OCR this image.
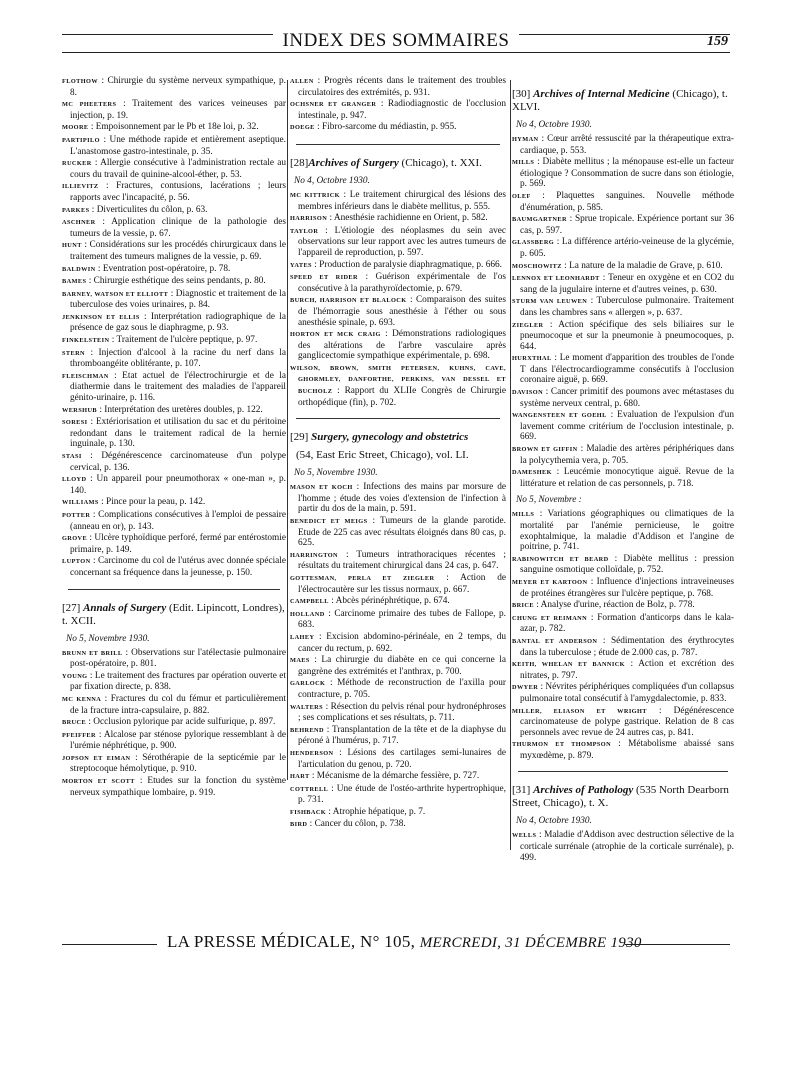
INDEX DES SOMMAIRES	159

FLOTHOW : Chirurgie du système nerveux sympathique, p. 8.

MC PHEETERS : Traitement des varices veineuses par injection, p. 19.

MOORE : Empoisonnement par le Pb et 18e loi, p. 32.

PARTIPILO : Une méthode rapide et entièrement aseptique. L'anastomose gastro-intestinale, p. 35.

RUCKER : Allergie consécutive à l'administration rectale au cours du travail de quinine-alcool-éther, p. 53.

ILLIEVITZ : Fractures, contusions, lacérations ; leurs rapports avec l'incapacité, p. 56.

PARKES : Diverticulites du côlon, p. 63.

ASCHNER : Application clinique de la pathologie des tumeurs de la vessie, p. 67.

HUNT : Considérations sur les procédés chirurgicaux dans le traitement des tumeurs malignes de la vessie, p. 69.

BALDWIN : Eventration post-opératoire, p. 78.

BAMES : Chirurgie esthétique des seins pendants, p. 80.

BARNEY, WATSON ET ELLIOTT : Diagnostic et traitement de la tuberculose des voies urinaires, p. 84.

JENKINSON ET ELLIS : Interprétation radiographique de la présence de gaz sous le diaphragme, p. 93.

FINKELSTEIN : Traitement de l'ulcère peptique, p. 97.

STERN : Injection d'alcool à la racine du nerf dans la thromboangéite oblitérante, p. 107.

FLEISCHMAN : Etat actuel de l'électrochirurgie et de la diathermie dans le traitement des maladies de l'appareil génito-urinaire, p. 116.

WERSHUB : Interprétation des uretères doubles, p. 122.

SORESI : Extériorisation et utilisation du sac et du péritoine redondant dans le traitement radical de la hernie inguinale, p. 130.

STASI : Dégénérescence carcinomateuse d'un polype cervical, p. 136.

LLOYD : Un appareil pour pneumothorax « one-man », p. 140.

WILLIAMS : Pince pour la peau, p. 142.

POTTER : Complications consécutives à l'emploi de pessaire (anneau en or), p. 143.

GROVE : Ulcère typhoïdique perforé, fermé par entérostomie primaire, p. 149.

LUPTON : Carcinome du col de l'utérus avec donnée spéciale concernant sa fréquence dans la jeunesse, p. 150.

[27] Annals of Surgery (Edit. Lipincott, Londres), t. XCII.

No 5, Novembre 1930.

BRUNN ET BRILL : Observations sur l'atélectasie pulmonaire post-opératoire, p. 801.

YOUNG : Le traitement des fractures par opération ouverte et par fixation directe, p. 838.

MC KENNA : Fractures du col du fémur et particulièrement de la fracture intra-capsulaire, p. 882.

BRUCE : Occlusion pylorique par acide sulfurique, p. 897.

PFEIFFER : Alcalose par sténose pylorique ressemblant à de l'urémie néphrétique, p. 900.

JOPSON ET EIMAN : Sérothérapie de la septicémie par le streptocoque hémolytique, p. 910.

MORTON ET SCOTT : Etudes sur la fonction du système nerveux sympathique lombaire, p. 919.

ALLEN : Progrès récents dans le traitement des troubles circulatoires des extrémités, p. 931.

OCHSNER ET GRANGER : Radiodiagnostic de l'occlusion intestinale, p. 947.

DOEGE : Fibro-sarcome du médiastin, p. 955.

[28]Archives of Surgery (Chicago), t. XXI.

No 4, Octobre 1930.

MC KITTRICK : Le traitement chirurgical des lésions des membres inférieurs dans le diabète mellitus, p. 555.

HARRISON : Anesthésie rachidienne en Orient, p. 582.

TAYLOR : L'étiologie des néoplasmes du sein avec observations sur leur rapport avec les autres tumeurs de l'appareil de reproduction, p. 597.

YATES : Production de paralysie diaphragmatique, p. 666.

SPEED ET RIDER : Guérison expérimentale de l'os consécutive à la parathyroïdectomie, p. 679.

BURCH, HARRISON ET BLALOCK : Comparaison des suites de l'hémorragie sous anesthésie à l'éther ou sous anesthésie spinale, p. 693.

HORTON ET MCK CRAIG : Démonstrations radiologiques des altérations de l'arbre vasculaire après ganglicectomie sympathique expérimentale, p. 698.

WILSON, BROWN, SMITH PETERSEN, KUHNS, CAVE, GHORMLEY, DANFORTHE, PERKINS, VAN DESSEL ET BUCHOLZ : Rapport du XLIIe Congrès de Chirurgie orthopédique (fin), p. 702.

[29] Surgery, gynecology and obstetrics

(54, East Eric Street, Chicago), vol. LI.

No 5, Novembre 1930.

MASON ET KOCH : Infections des mains par morsure de l'homme ; étude des voies d'extension de l'infection à partir du dos de la main, p. 591.

BENEDICT ET MEIGS : Tumeurs de la glande parotide. Etude de 225 cas avec résultats éloignés dans 80 cas, p. 625.

HARRINGTON : Tumeurs intrathoraciques récentes ; résultats du traitement chirurgical dans 24 cas, p. 647.

GOTTESMAN, PERLA ET ZIEGLER : Action de l'électrocautère sur les tissus normaux, p. 667.

CAMPBELL : Abcès périnéphrétique, p. 674.

HOLLAND : Carcinome primaire des tubes de Fallope, p. 683.

LAHEY : Excision abdomino-périnéale, en 2 temps, du cancer du rectum, p. 692.

MAES : La chirurgie du diabète en ce qui concerne la gangrène des extrémités et l'anthrax, p. 700.

GARLOCK : Méthode de reconstruction de l'axilla pour contracture, p. 705.

WALTERS : Résection du pelvis rénal pour hydronéphroses ; ses complications et ses résultats, p. 711.

BEHREND : Transplantation de la tête et de la diaphyse du péroné à l'humérus, p. 717.

HENDERSON : Lésions des cartilages semi-lunaires de l'articulation du genou, p. 720.

HART : Mécanisme de la démarche fessière, p. 727.

COTTRELL : Une étude de l'ostéo-arthrite hypertrophique, p. 731.

FISHBACK : Atrophie hépatique, p. 7.

BIRD : Cancer du côlon, p. 738.

[30] Archives of Internal Medicine (Chicago), t. XLVI.

No 4, Octobre 1930.

HYMAN : Cœur arrêté ressuscité par la thérapeutique extra-cardiaque, p. 553.

MILLS : Diabète mellitus ; la ménopause est-elle un facteur étiologique ? Consommation de sucre dans son étiologie, p. 569.

OLEF : Plaquettes sanguines. Nouvelle méthode d'énumération, p. 585.

BAUMGARTNER : Sprue tropicale. Expérience portant sur 36 cas, p. 597.

GLASSBERG : La différence artério-veineuse de la glycémie, p. 605.

MOSCHOWITZ : La nature de la maladie de Grave, p. 610.

LENNOX ET LEONHARDT : Teneur en oxygène et en CO2 du sang de la jugulaire interne et d'autres veines, p. 630.

STURM VAN LEUWEN : Tuberculose pulmonaire. Traitement dans les chambres sans « allergen », p. 637.

ZIEGLER : Action spécifique des sels biliaires sur le pneumocoque et sur la pneumonie à pneumocoques, p. 644.

HURXTHAL : Le moment d'apparition des troubles de l'onde T dans l'électrocardiogramme consécutifs à l'occlusion coronaire aiguë, p. 669.

DAVISON : Cancer primitif des poumons avec métastases du système nerveux central, p. 680.

WANGENSTEEN ET GOEHL : Evaluation de l'expulsion d'un lavement comme critérium de l'occlusion intestinale, p. 669.

BROWN ET GIFFIN : Maladie des artères périphériques dans la polycythemia vera, p. 705.

DAMESHEK : Leucémie monocytique aiguë. Revue de la littérature et relation de cas personnels, p. 718.

No 5, Novembre :

MILLS : Variations géographiques ou climatiques de la mortalité par l'anémie pernicieuse, le goitre exophtalmique, la maladie d'Addison et l'angine de poitrine, p. 741.

RABINOWITCH ET BEARD : Diabète mellitus : pression sanguine osmotique colloïdale, p. 752.

MEYER ET KARTOON : Influence d'injections intraveineuses de protéines étrangères sur l'ulcère peptique, p. 768.

BRICE : Analyse d'urine, réaction de Bolz, p. 778.

CHUNG ET REIMANN : Formation d'anticorps dans le kala-azar, p. 782.

BANTAL ET ANDERSON : Sédimentation des érythrocytes dans la tuberculose ; étude de 2.000 cas, p. 787.

KEITH, WHELAN ET BANNICK : Action et excrétion des nitrates, p. 797.

DWYER : Névrites périphériques compliquées d'un collapsus pulmonaire total consécutif à l'amygdalectomie, p. 833.

MILLER, ELIASON ET WRIGHT : Dégénérescence carcinomateuse de polype gastrique. Relation de 8 cas personnels avec revue de 24 autres cas, p. 841.

THURMON ET THOMPSON : Métabolisme abaissé sans myxœdème, p. 879.

[31] Archives of Pathology (535 North Dearborn Street, Chicago), t. X.

No 4, Octobre 1930.

WELLS : Maladie d'Addison avec destruction sélective de la corticale surrénale (atrophie de la corticale surrénale), p. 499.

LA PRESSE MÉDICALE, N° 105, MERCREDI, 31 DÉCEMBRE 1930
